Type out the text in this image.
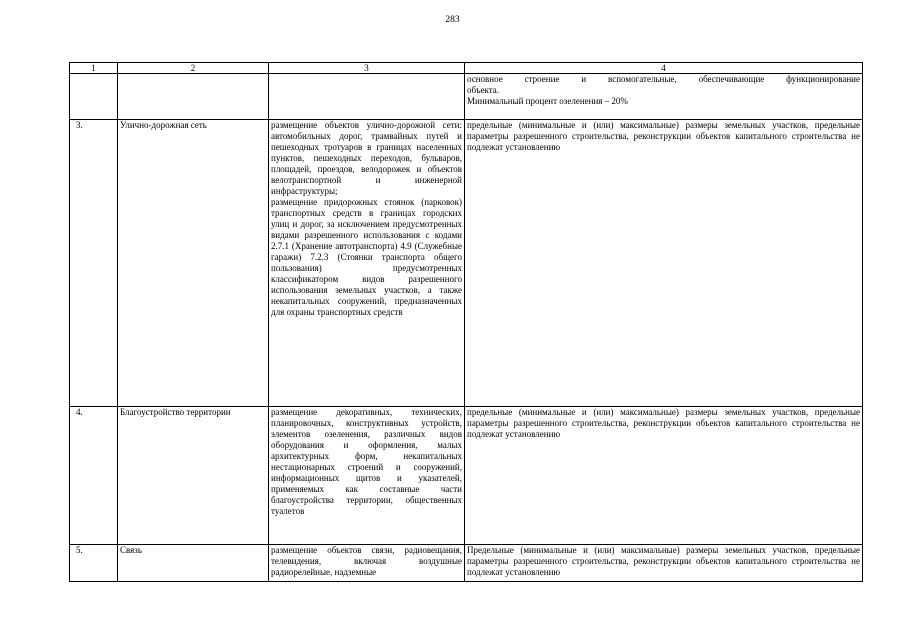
283
1	2	3	4

			основное строение и вспомогательные, обеспечивающие функционирование
объекта.
Минимальный процент озеленения – 20%

3.	Улично-дорожная сеть	размещение объектов улично-дорожной сети: автомобильных дорог, трамвайных путей и пешеходных тротуаров в границах населенных пунктов, пешеходных переходов, бульваров, площадей, проездов, велодорожек и объектов велотранспортной и инженерной инфраструктуры;
размещение придорожных стоянок (парковок) транспортных средств в границах городских улиц и дорог, за исключением предусмотренных видами разрешенного использования с кодами 2.7.1 (Хранение автотранспорта) 4.9 (Служебные гаражи) 7.2.3 (Стоянки транспорта общего пользования) предусмотренных классификатором видов разрешенного использования земельных участков, а также некапитальных сооружений, предназначенных для охраны транспортных средств	предельные (минимальные и (или) максимальные) размеры земельных участков, предельные параметры разрешенного строительства, реконструкции объектов капитального строительства не подлежат установлению
4.	Благоустройство территории	размещение декоративных, технических, планировочных, конструктивных устройств, элементов озеленения, различных видов оборудования и оформления, малых архитектурных форм, некапитальных нестационарных строений и сооружений, информационных щитов и указателей, применяемых как составные части благоустройства территории, общественных туалетов	предельные (минимальные и (или) максимальные) размеры земельных участков, предельные параметры разрешенного строительства, реконструкции объектов капитального строительства не подлежат установлению
5.	Связь	размещение объектов связи, радиовещания, телевидения, включая воздушные радиорелейные, надземные	Предельные (минимальные и (или) максимальные) размеры земельных участков, предельные параметры разрешенного строительства, реконструкции объектов капитального строительства не подлежат установлению
